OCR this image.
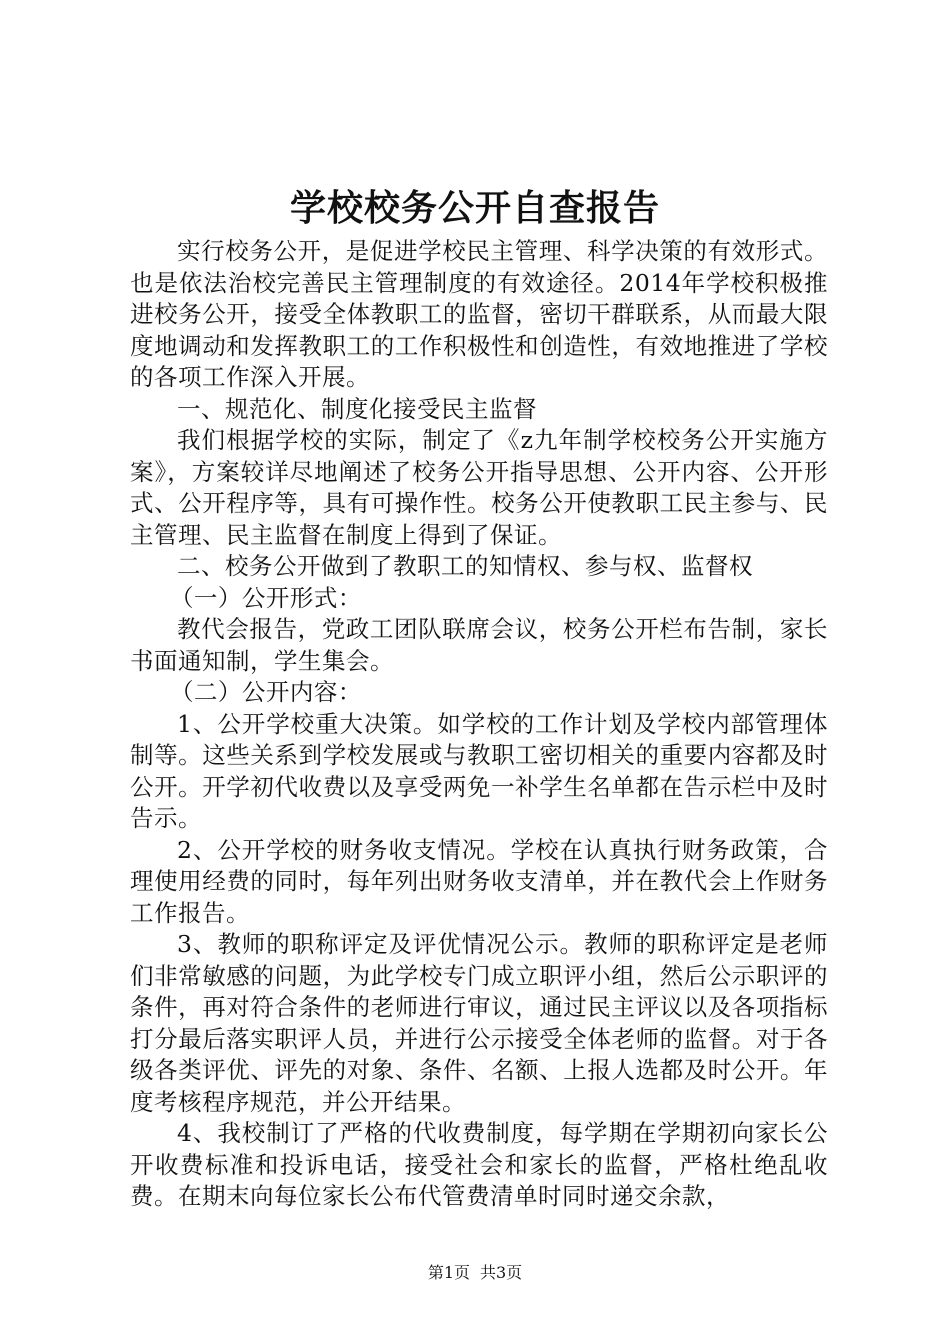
学校校务公开自查报告

实行校务公开，是促进学校民主管理、科学决策的有效形式。也是依法治校完善民主管理制度的有效途径。2014年学校积极推进校务公开，接受全体教职工的监督，密切干群联系，从而最大限度地调动和发挥教职工的工作积极性和创造性，有效地推进了学校的各项工作深入开展。

一、规范化、制度化接受民主监督

我们根据学校的实际，制定了《z九年制学校校务公开实施方案》，方案较详尽地阐述了校务公开指导思想、公开内容、公开形式、公开程序等，具有可操作性。校务公开使教职工民主参与、民主管理、民主监督在制度上得到了保证。

二、校务公开做到了教职工的知情权、参与权、监督权

（一）公开形式：

教代会报告，党政工团队联席会议，校务公开栏布告制，家长书面通知制，学生集会。

（二）公开内容：

1、公开学校重大决策。如学校的工作计划及学校内部管理体制等。这些关系到学校发展或与教职工密切相关的重要内容都及时公开。开学初代收费以及享受两免一补学生名单都在告示栏中及时告示。

2、公开学校的财务收支情况。学校在认真执行财务政策，合理使用经费的同时，每年列出财务收支清单，并在教代会上作财务工作报告。

3、教师的职称评定及评优情况公示。教师的职称评定是老师们非常敏感的问题，为此学校专门成立职评小组，然后公示职评的条件，再对符合条件的老师进行审议，通过民主评议以及各项指标打分最后落实职评人员，并进行公示接受全体老师的监督。对于各级各类评优、评先的对象、条件、名额、上报人选都及时公开。年度考核程序规范，并公开结果。

4、我校制订了严格的代收费制度，每学期在学期初向家长公开收费标准和投诉电话，接受社会和家长的监督，严格杜绝乱收费。在期末向每位家长公布代管费清单时同时递交余款，

第1页 共3页
